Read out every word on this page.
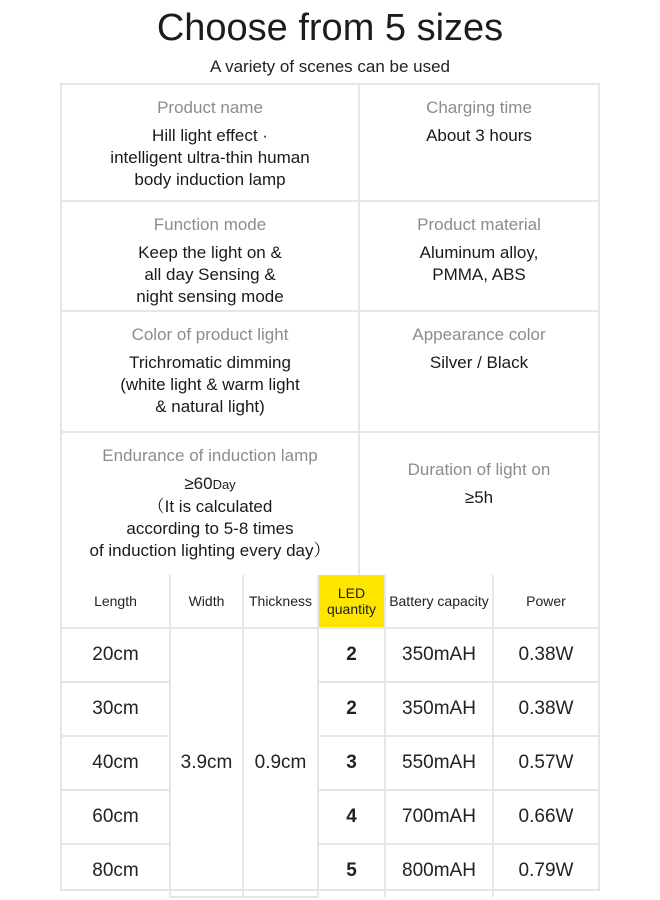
Choose from 5 sizes
A variety of scenes can be used
Product name
Hill light effect ·
intelligent ultra-thin human
body induction lamp
Charging time
About 3 hours
Function mode
Keep the light on &
all day Sensing &
night sensing mode
Product material
Aluminum alloy,
PMMA, ABS
Color of product light
Trichromatic dimming
(white light & warm light
& natural light)
Appearance color
Silver / Black
Endurance of induction lamp
≥60Day
（It is calculated
according to 5-8 times
of induction lighting every day）
Duration of light on
≥5h
Length	Width	Thickness	LED quantity	Battery capacity	Power
20cm	3.9cm	0.9cm	2	350mAH	0.38W
30cm			2	350mAH	0.38W
40cm			3	550mAH	0.57W
60cm			4	700mAH	0.66W
80cm			5	800mAH	0.79W
